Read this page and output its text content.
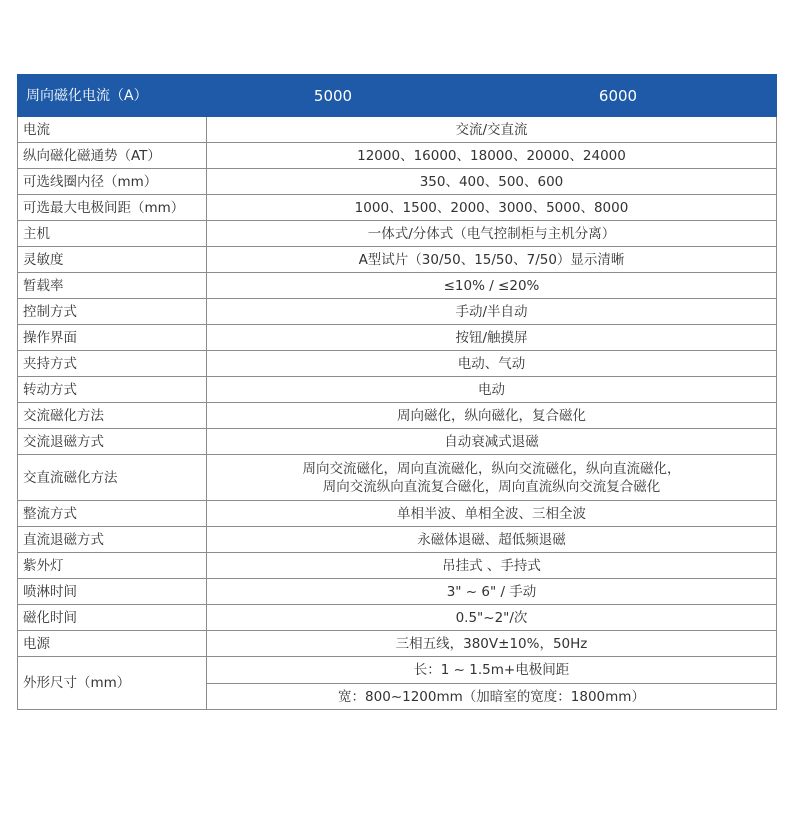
周向磁化电流（A）	5000	6000
电流	交流/交直流	
纵向磁化磁通势（AT）	12000、16000、18000、20000、24000	
可选线圈内径（mm）	350、400、500、600	
可选最大电极间距（mm）	1000、1500、2000、3000、5000、8000	
主机	一体式/分体式（电气控制柜与主机分离）	
灵敏度	A型试片（30/50、15/50、7/50）显示清晰	
暂载率	≤10% / ≤20%	
控制方式	手动/半自动	
操作界面	按钮/触摸屏	
夹持方式	电动、气动	
转动方式	电动	
交流磁化方法	周向磁化，纵向磁化，复合磁化	
交流退磁方式	自动衰减式退磁	
交直流磁化方法	周向交流磁化，周向直流磁化，纵向交流磁化，纵向直流磁化，
周向交流纵向直流复合磁化，周向直流纵向交流复合磁化	

整流方式	单相半波、单相全波、三相全波	
直流退磁方式	永磁体退磁、超低频退磁	
紫外灯	吊挂式 、手持式	
喷淋时间	3" ~ 6" / 手动	
磁化时间	0.5"~2"/次	
电源	三相五线，380V±10%，50Hz	
外形尺寸（mm）	长：1 ~ 1.5m+电极间距	
	宽：800~1200mm（加暗室的宽度：1800mm）	
